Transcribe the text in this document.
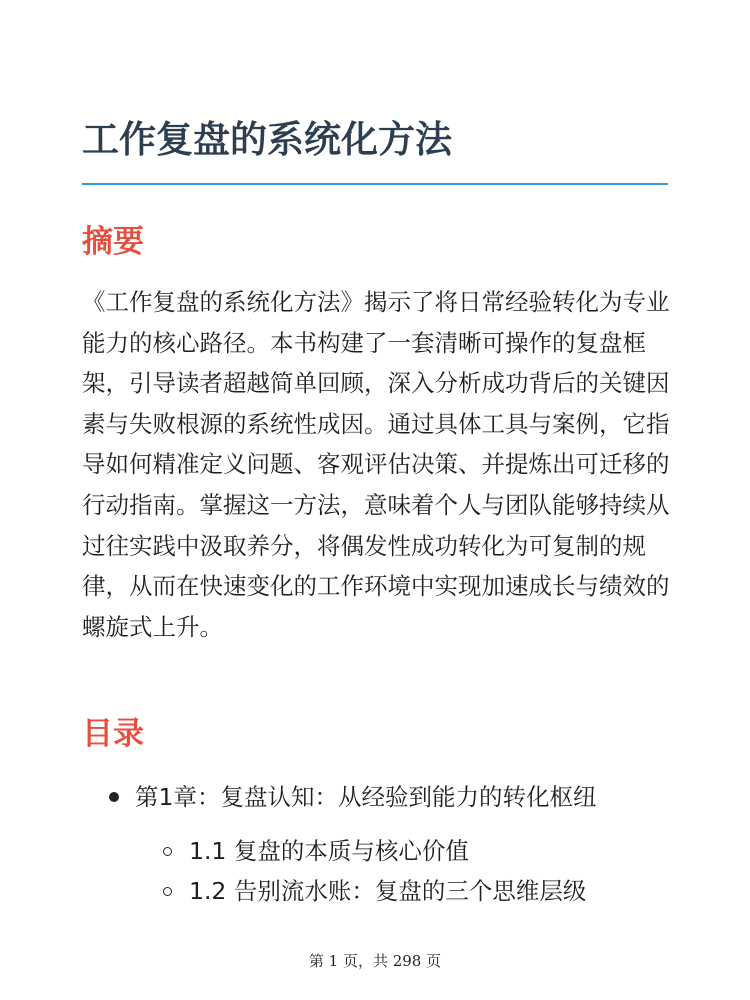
工作复盘的系统化方法
摘要

《工作复盘的系统化方法》揭示了将日常经验转化为专业能力的核心路径。本书构建了一套清晰可操作的复盘框架，引导读者超越简单回顾，深入分析成功背后的关键因素与失败根源的系统性成因。通过具体工具与案例，它指导如何精准定义问题、客观评估决策、并提炼出可迁移的行动指南。掌握这一方法，意味着个人与团队能够持续从过往实践中汲取养分，将偶发性成功转化为可复制的规律，从而在快速变化的工作环境中实现加速成长与绩效的螺旋式上升。

目录
第1章：复盘认知：从经验到能力的转化枢纽
1.1 复盘的本质与核心价值
1.2 告别流水账：复盘的三个思维层级
第 1 页，共 298 页
